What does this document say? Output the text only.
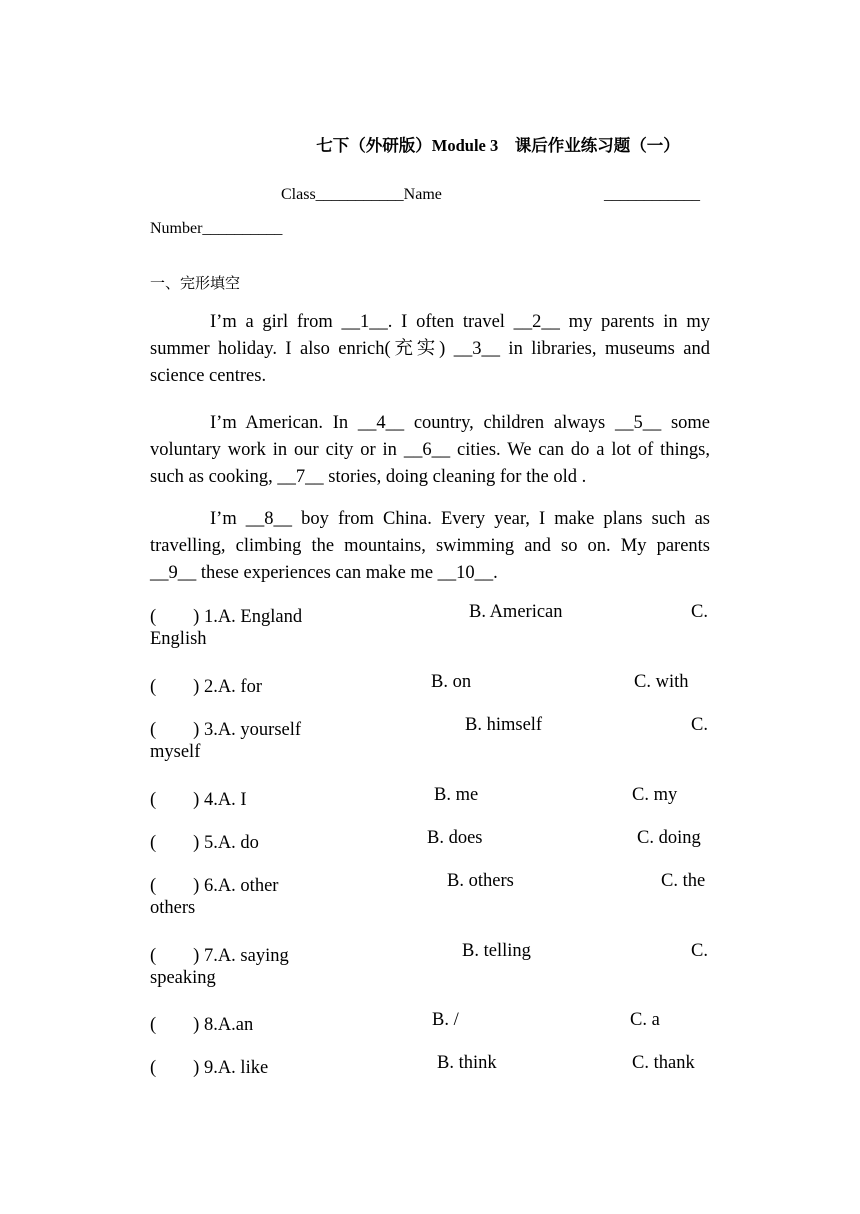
七下（外研版）Module 3　课后作业练习题（一）
Class___________Name	____________
Number__________
一、完形填空
I’m a girl from __1__. I often travel __2__ my parents in my summer holiday. I also enrich(充实) __3__ in libraries, museums and science centres.
I’m American. In __4__ country, children always __5__ some voluntary work in our city or in __6__ cities. We can do a lot of things, such as cooking, __7__ stories, doing cleaning for the old .
I’m __8__ boy from China. Every year, I make plans such as travelling, climbing the mountains, swimming and so on. My parents __9__ these experiences can make me __10__.
(　　) 1.A. England	B. American	C.
English
(　　) 2.A. for	B. on	C. with
(　　) 3.A. yourself	B. himself	C.
myself
(　　) 4.A. I	B. me	C. my
(　　) 5.A. do	B. does	C. doing
(　　) 6.A. other	B. others	C. the
others
(　　) 7.A. saying	B. telling	C.
speaking
(　　) 8.A.an	B. /	C. a
(　　) 9.A. like	B. think	C. thank
